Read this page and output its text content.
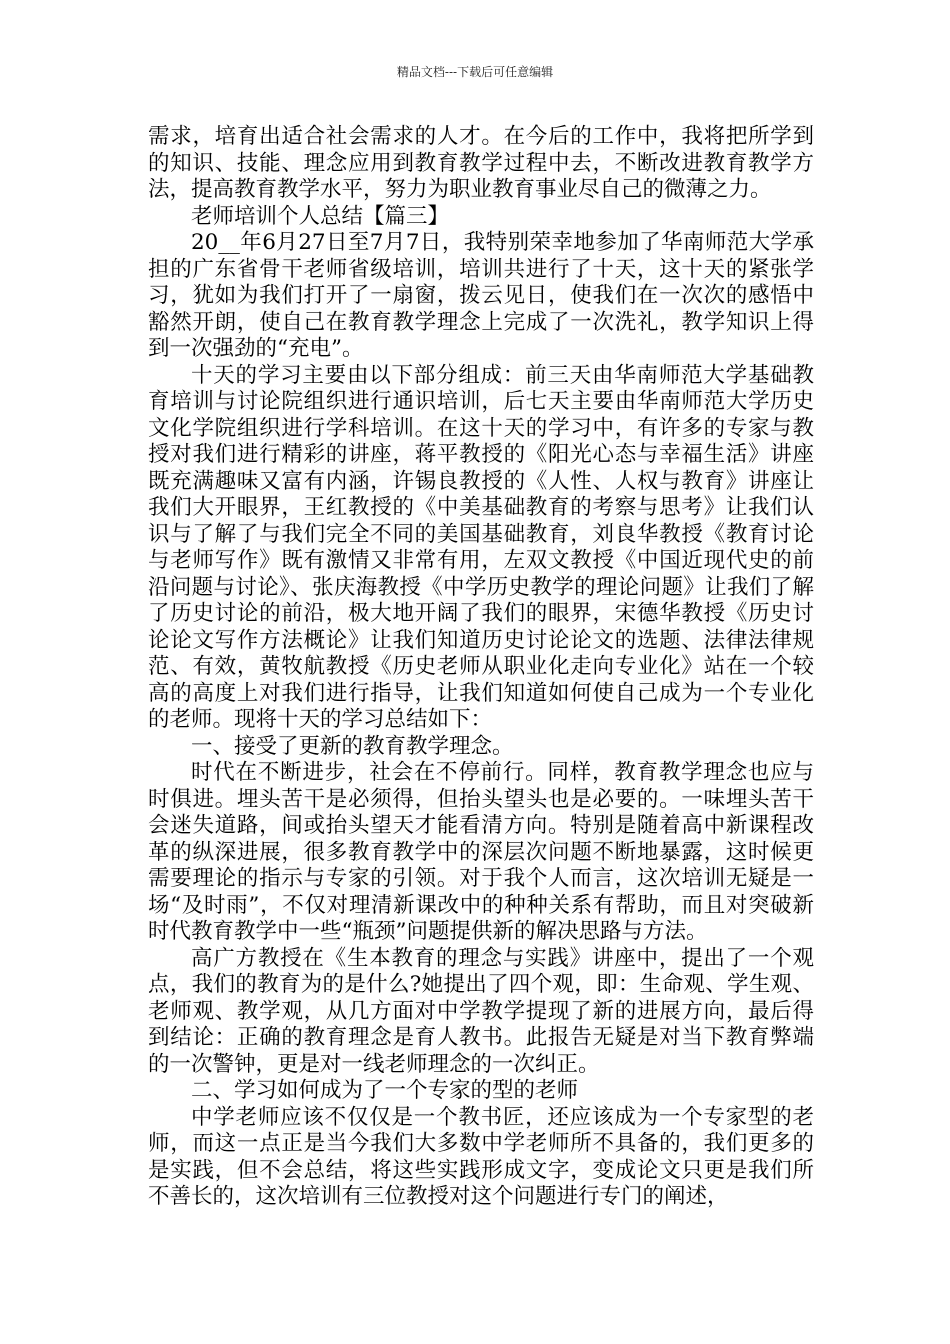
精品文档---下载后可任意编辑

需求，培育出适合社会需求的人才。在今后的工作中，我将把所学到的知识、技能、理念应用到教育教学过程中去，不断改进教育教学方法，提高教育教学水平，努力为职业教育事业尽自己的微薄之力。

老师培训个人总结【篇三】

20__年6月27日至7月7日，我特别荣幸地参加了华南师范大学承担的广东省骨干老师省级培训，培训共进行了十天，这十天的紧张学习，犹如为我们打开了一扇窗，拨云见日，使我们在一次次的感悟中豁然开朗，使自己在教育教学理念上完成了一次洗礼，教学知识上得到一次强劲的“充电”。

十天的学习主要由以下部分组成：前三天由华南师范大学基础教育培训与讨论院组织进行通识培训，后七天主要由华南师范大学历史文化学院组织进行学科培训。在这十天的学习中，有许多的专家与教授对我们进行精彩的讲座，蒋平教授的《阳光心态与幸福生活》讲座既充满趣味又富有内涵，许锡良教授的《人性、人权与教育》讲座让我们大开眼界，王红教授的《中美基础教育的考察与思考》让我们认识与了解了与我们完全不同的美国基础教育，刘良华教授《教育讨论与老师写作》既有激情又非常有用，左双文教授《中国近现代史的前沿问题与讨论》、张庆海教授《中学历史教学的理论问题》让我们了解了历史讨论的前沿，极大地开阔了我们的眼界，宋德华教授《历史讨论论文写作方法概论》让我们知道历史讨论论文的选题、法律法律规范、有效，黄牧航教授《历史老师从职业化走向专业化》站在一个较高的高度上对我们进行指导，让我们知道如何使自己成为一个专业化的老师。现将十天的学习总结如下：

一、接受了更新的教育教学理念。

时代在不断进步，社会在不停前行。同样，教育教学理念也应与时俱进。埋头苦干是必须得，但抬头望头也是必要的。一味埋头苦干会迷失道路，间或抬头望天才能看清方向。特别是随着高中新课程改革的纵深进展，很多教育教学中的深层次问题不断地暴露，这时候更需要理论的指示与专家的引领。对于我个人而言，这次培训无疑是一场“及时雨”，不仅对理清新课改中的种种关系有帮助，而且对突破新时代教育教学中一些“瓶颈”问题提供新的解决思路与方法。

高广方教授在《生本教育的理念与实践》讲座中，提出了一个观点，我们的教育为的是什么?她提出了四个观，即：生命观、学生观、老师观、教学观，从几方面对中学教学提现了新的进展方向，最后得到结论：正确的教育理念是育人教书。此报告无疑是对当下教育弊端的一次警钟，更是对一线老师理念的一次纠正。

二、学习如何成为了一个专家的型的老师

中学老师应该不仅仅是一个教书匠，还应该成为一个专家型的老师，而这一点正是当今我们大多数中学老师所不具备的，我们更多的是实践，但不会总结，将这些实践形成文字，变成论文只更是我们所不善长的，这次培训有三位教授对这个问题进行专门的阐述，
